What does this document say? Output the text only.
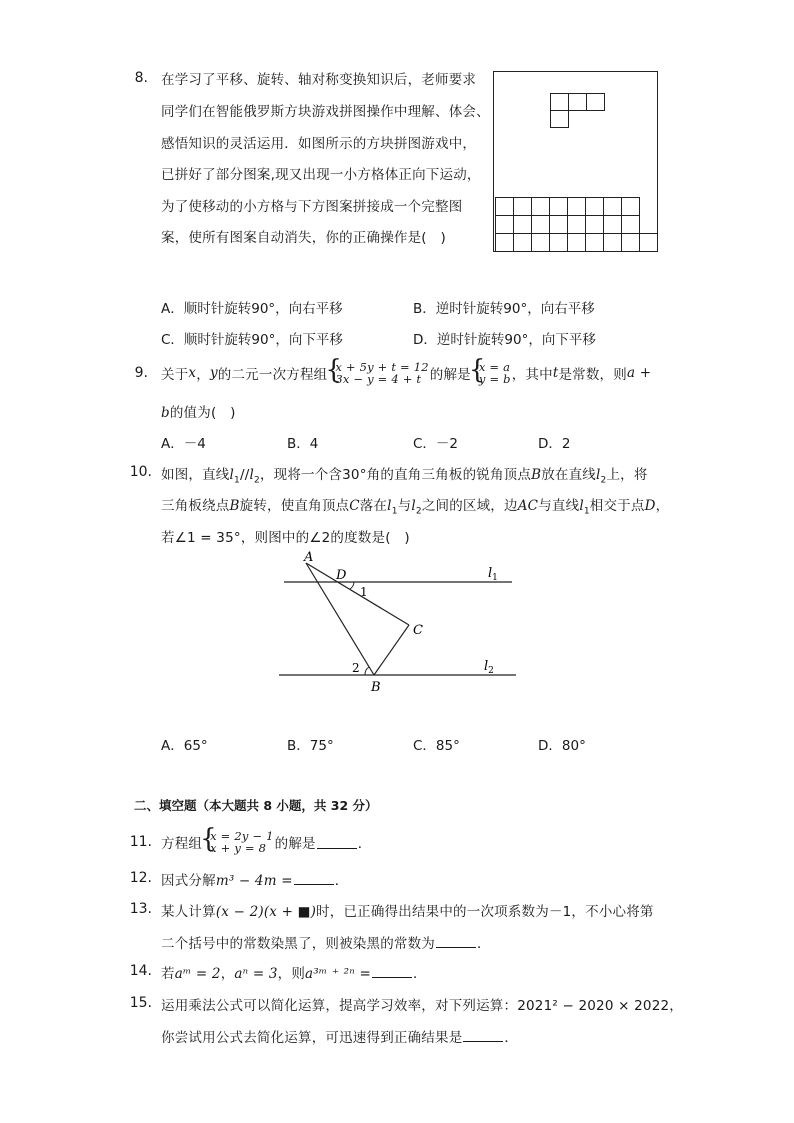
8. 在学习了平移、旋转、轴对称变换知识后，老师要求
同学们在智能俄罗斯方块游戏拼图操作中理解、体会、
感悟知识的灵活运用．如图所示的方块拼图游戏中，
已拼好了部分图案,现又出现一小方格体正向下运动，
为了使移动的小方格与下方图案拼接成一个完整图
案，使所有图案自动消失，你的正确操作是(　)
A．顺时针旋转90°，向右平移	B．逆时针旋转90°，向右平移
C．顺时针旋转90°，向下平移	D．逆时针旋转90°，向下平移
9. 关于 x ， y 的二元一次方程组 { x + 5y + t = 12
3x − y = 4 + t 的解是 { x = a
y = b ，其中 t 是常数，则 a +
b的值为(　)
A．－4	B．4	C．－2	D．2
10. 如图，直线$l_1//l_2$，现将一个含30°角的直角三角板的锐角顶点B放在直线$l_2$上，将
三角板绕点B旋转，使直角顶点C落在$l_1$与$l_2$之间的区域，边AC与直线$l_1$相交于点D，
若∠1 = 35°，则图中的∠2的度数是(　)
A
D
1
C
2
B
$l_1$
$l_2$
A．65°	B．75°	C．85°	D．80°
二、填空题（本大题共 8 小题，共 32 分）
11. 方程组 { x = 2y − 1
x + y = 8 的解是	．
12. 因式分解m³ − 4m =	．
13. 某人计算(x − 2)(x + ■)时，已正确得出结果中的一次项系数为－1，不小心将第
二个括号中的常数染黑了，则被染黑的常数为	．
14. 若aᵐ = 2，aⁿ = 3，则a³ᵐ ⁺ ²ⁿ =	．
15. 运用乘法公式可以简化运算，提高学习效率，对下列运算：2021² − 2020 × 2022，
你尝试用公式去简化运算，可迅速得到正确结果是	．
